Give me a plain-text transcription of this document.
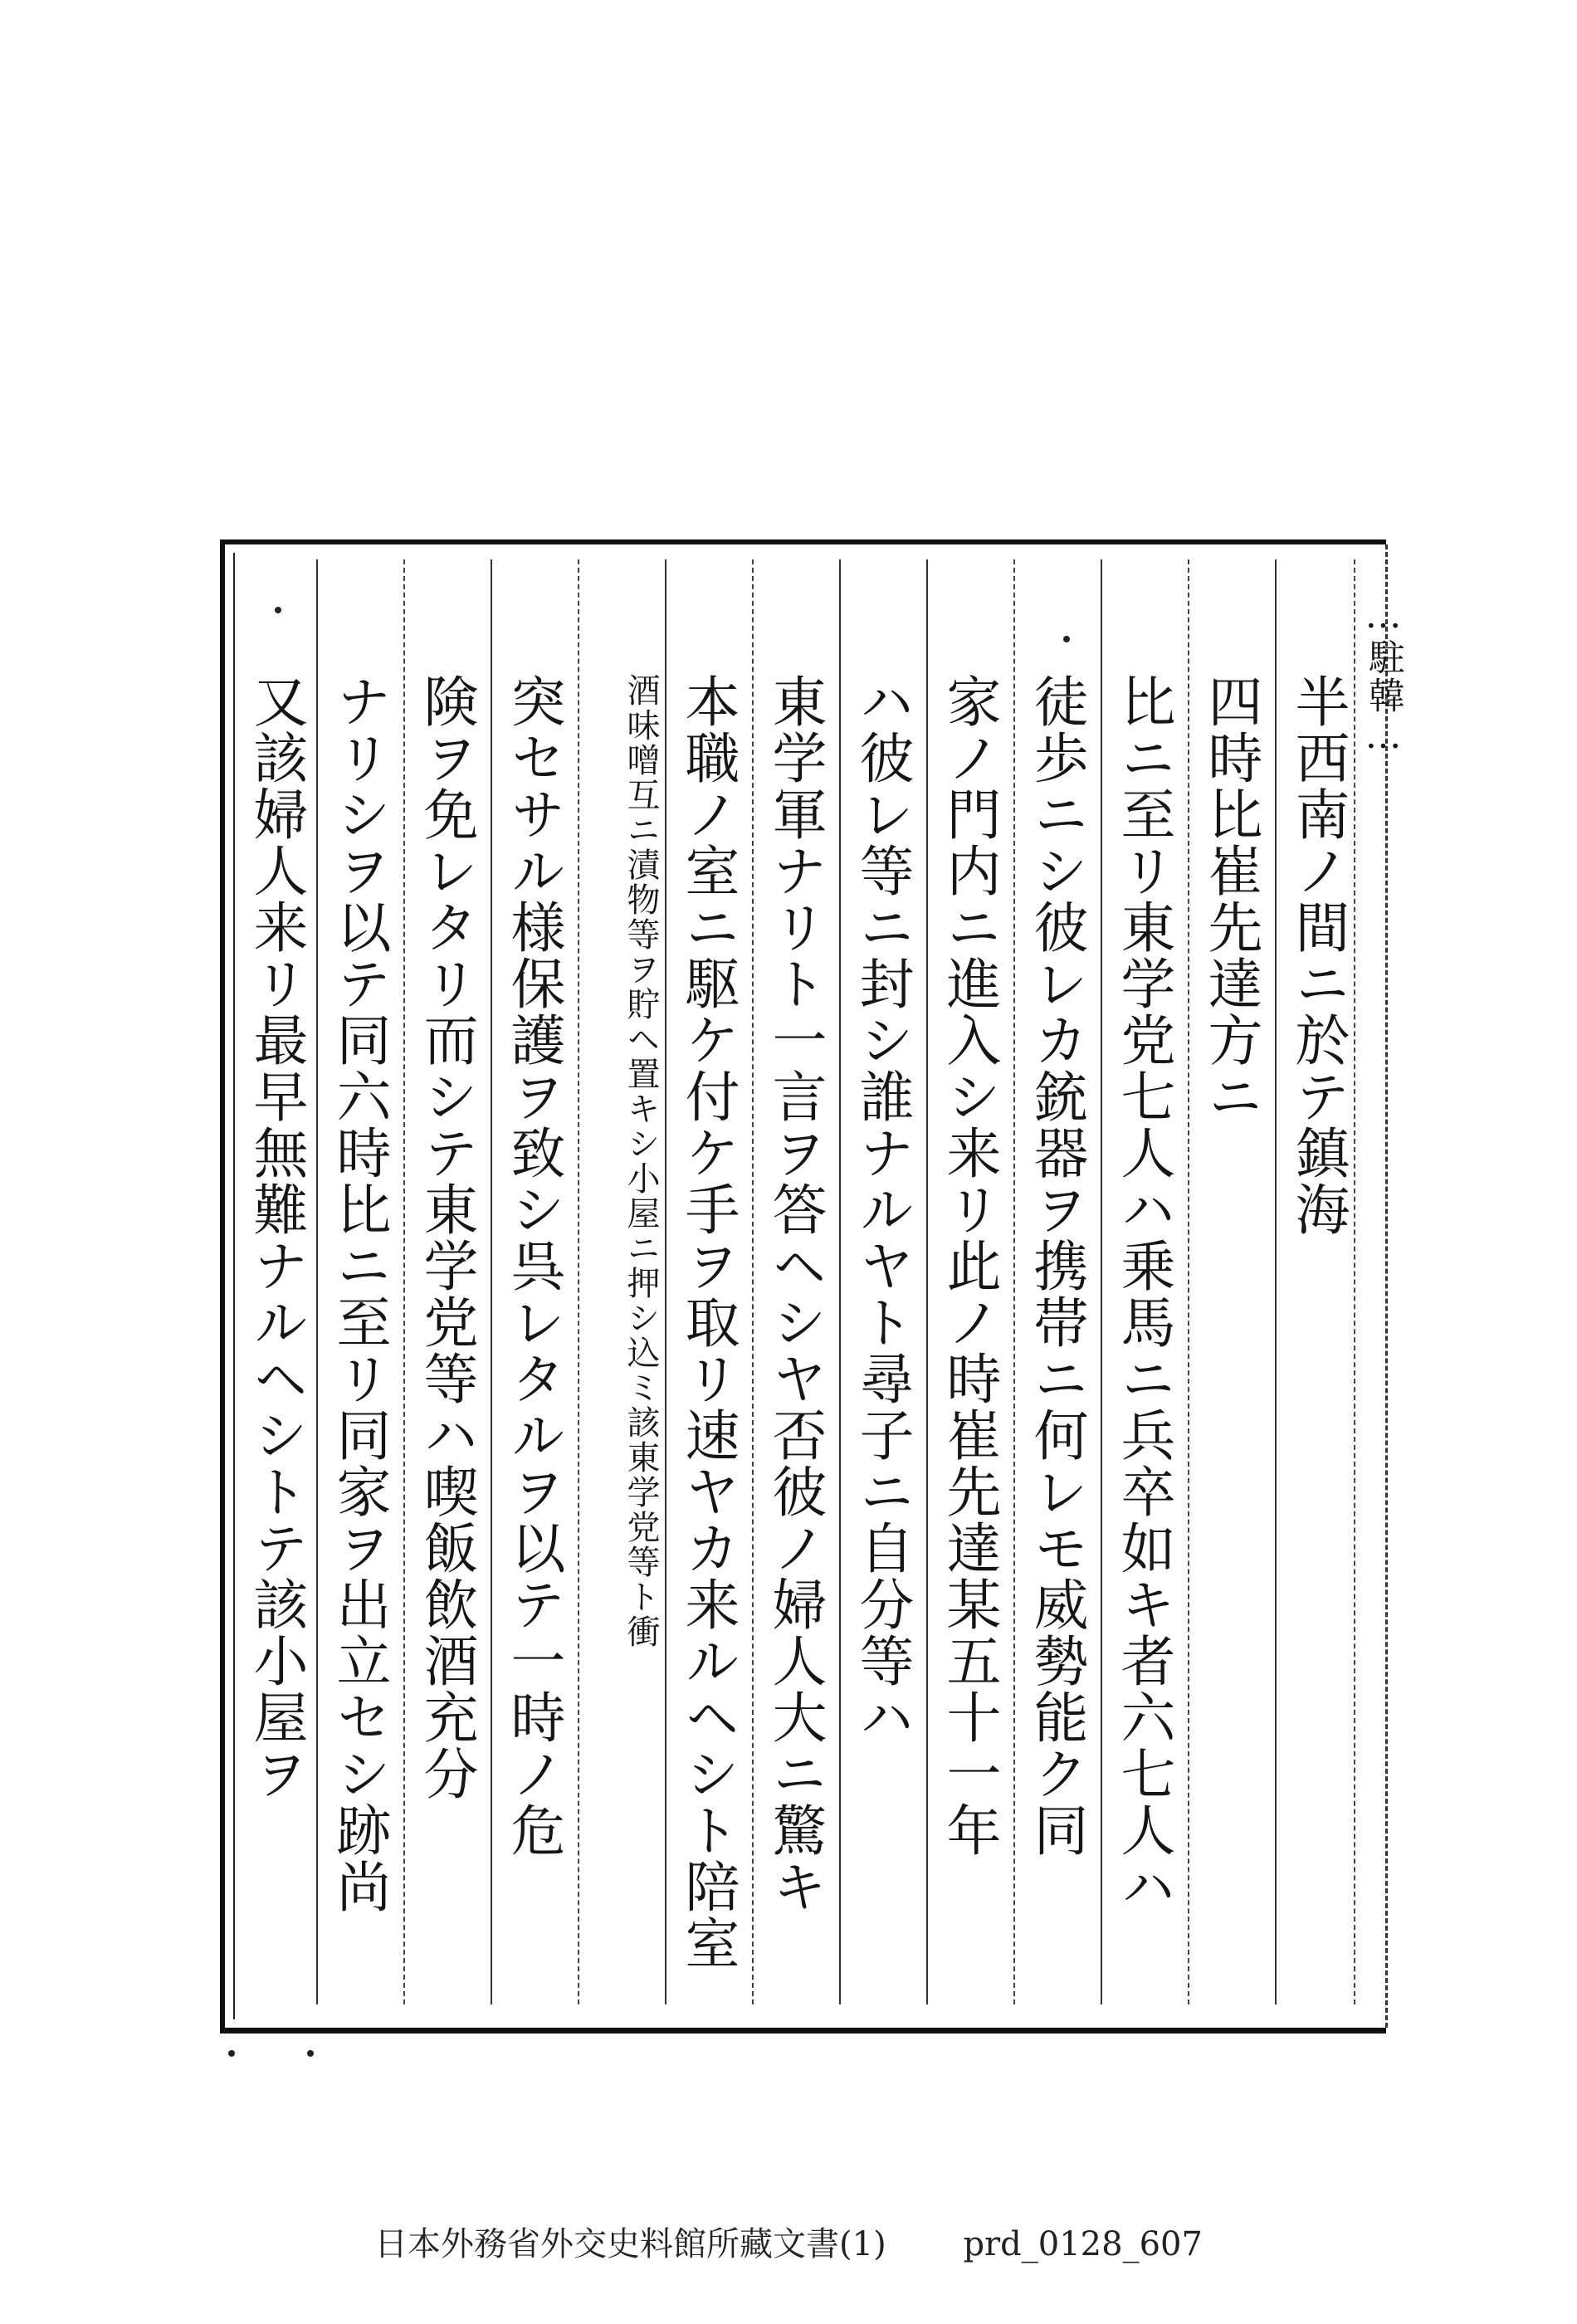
…駐韓…
半西南ノ間ニ於テ鎮海
四時比崔先達方ニ
比ニ至リ東学党七人ハ乗馬ニ兵卒如キ者六七人ハ
徒歩ニシ彼レカ銃器ヲ携帯ニ何レモ威勢能ク同
家ノ門内ニ進入シ来リ此ノ時崔先達某五十一年
ハ彼レ等ニ封シ誰ナルヤト尋子ニ自分等ハ
東学軍ナリト一言ヲ答ヘシヤ否彼ノ婦人大ニ驚キ
本職ノ室ニ駆ケ付ケ手ヲ取リ速ヤカ来ルヘシト陪室
酒味噌互ニ漬物等ヲ貯ヘ置キシ小屋ニ押シ込ミ該東学党等ト衝
突セサル様保護ヲ致シ呉レタルヲ以テ一時ノ危
険ヲ免レタリ而シテ東学党等ハ喫飯飲酒充分
ナリシヲ以テ同六時比ニ至リ同家ヲ出立セシ跡尚
又該婦人来リ最早無難ナルヘシトテ該小屋ヲ
日本外務省外交史料館所藏文書(1) prd_0128_607
